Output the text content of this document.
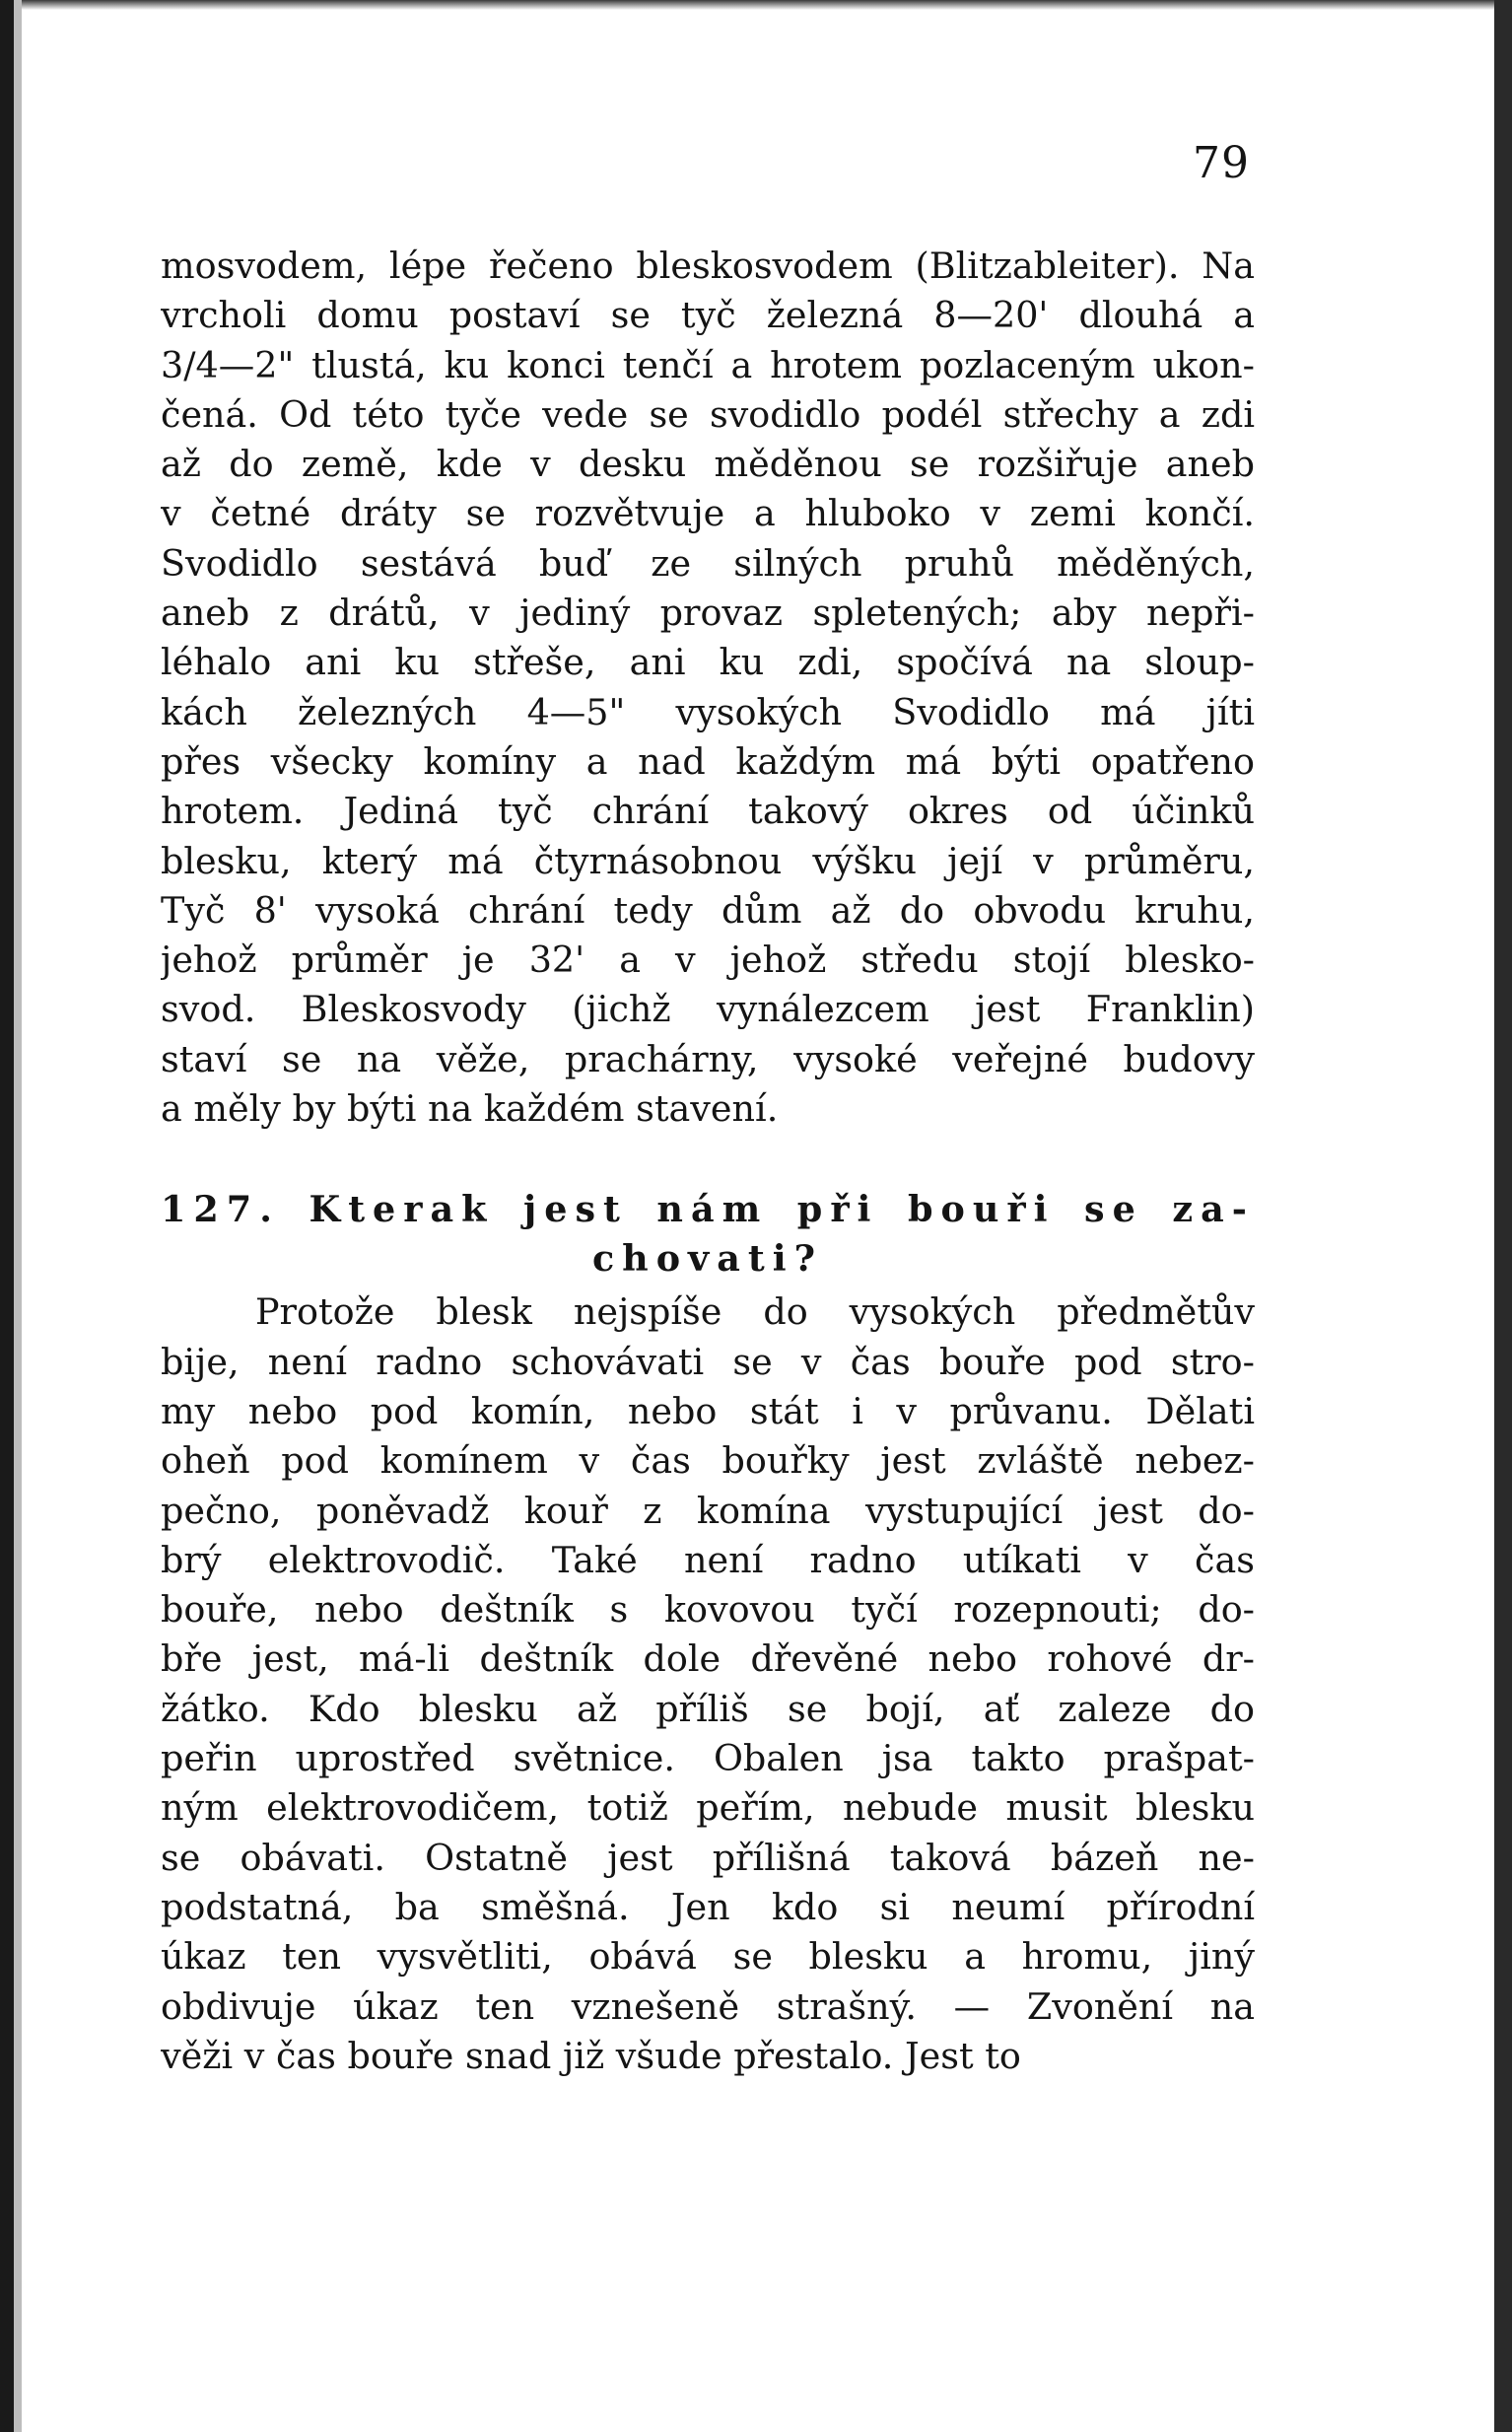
79
mosvodem, lépe řečeno bleskosvodem (Blitzableiter). Na
vrcholi domu postaví se tyč železná 8—20' dlouhá a
3/4—2" tlustá, ku konci tenčí a hrotem pozlaceným ukon-
čená. Od této tyče vede se svodidlo podél střechy a zdi
až do země, kde v desku měděnou se rozšiřuje aneb
v četné dráty se rozvětvuje a hluboko v zemi končí.
Svodidlo sestává buď ze silných pruhů měděných,
aneb z drátů, v jediný provaz spletených; aby nepři-
léhalo ani ku střeše, ani ku zdi, spočívá na sloup-
kách železných 4—5" vysokých Svodidlo má jíti
přes všecky komíny a nad každým má býti opatřeno
hrotem. Jediná tyč chrání takový okres od účinků
blesku, který má čtyrnásobnou výšku její v průměru,
Tyč 8' vysoká chrání tedy dům až do obvodu kruhu,
jehož průměr je 32' a v jehož středu stojí blesko-
svod. Bleskosvody (jichž vynálezcem jest Franklin)
staví se na věže, prachárny, vysoké veřejné budovy
a měly by býti na každém stavení.
127. Kterak jest nám při bouři se za-
chovati?
Protože blesk nejspíše do vysokých předmětův
bije, není radno schovávati se v čas bouře pod stro-
my nebo pod komín, nebo stát i v průvanu. Dělati
oheň pod komínem v čas bouřky jest zvláště nebez-
pečno, poněvadž kouř z komína vystupující jest do-
brý elektrovodič. Také není radno utíkati v čas
bouře, nebo deštník s kovovou tyčí rozepnouti; do-
bře jest, má-li deštník dole dřevěné nebo rohové dr-
žátko. Kdo blesku až příliš se bojí, ať zaleze do
peřin uprostřed světnice. Obalen jsa takto prašpat-
ným elektrovodičem, totiž peřím, nebude musit blesku
se obávati. Ostatně jest přílišná taková bázeň ne-
podstatná, ba směšná. Jen kdo si neumí přírodní
úkaz ten vysvětliti, obává se blesku a hromu, jiný
obdivuje úkaz ten vznešeně strašný. — Zvonění na
věži v čas bouře snad již všude přestalo. Jest to
